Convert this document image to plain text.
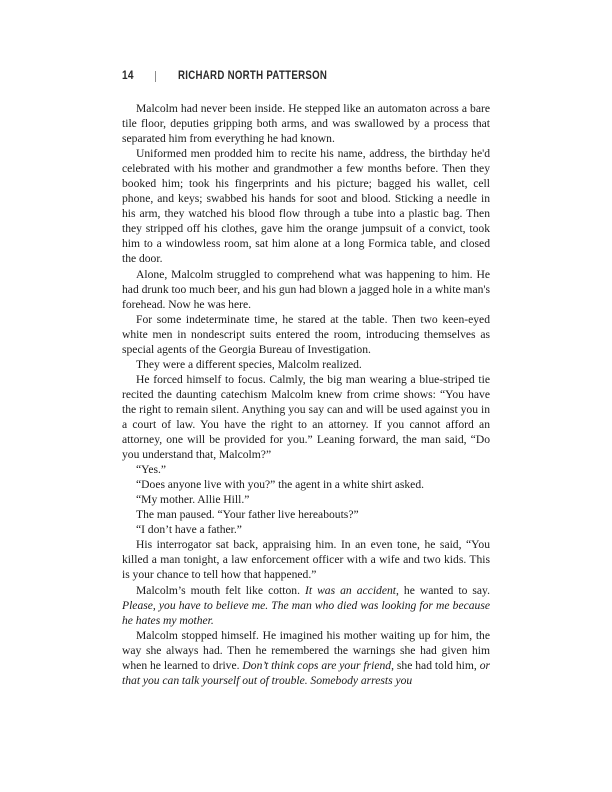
14	RICHARD NORTH PATTERSON

Malcolm had never been inside. He stepped like an automaton across a bare tile floor, deputies gripping both arms, and was swallowed by a process that separated him from everything he had known.

Uniformed men prodded him to recite his name, address, the birthday he'd celebrated with his mother and grandmother a few months before. Then they booked him; took his fingerprints and his picture; bagged his wallet, cell phone, and keys; swabbed his hands for soot and blood. Sticking a needle in his arm, they watched his blood flow through a tube into a plastic bag. Then they stripped off his clothes, gave him the orange jumpsuit of a convict, took him to a windowless room, sat him alone at a long Formica table, and closed the door.

Alone, Malcolm struggled to comprehend what was happening to him. He had drunk too much beer, and his gun had blown a jagged hole in a white man's forehead. Now he was here.

For some indeterminate time, he stared at the table. Then two keen-eyed white men in nondescript suits entered the room, introducing themselves as special agents of the Georgia Bureau of Investigation.

They were a different species, Malcolm realized.

He forced himself to focus. Calmly, the big man wearing a blue-striped tie recited the daunting catechism Malcolm knew from crime shows: “You have the right to remain silent. Anything you say can and will be used against you in a court of law. You have the right to an attorney. If you cannot afford an attorney, one will be provided for you.” Leaning forward, the man said, “Do you understand that, Malcolm?”

“Yes.”

“Does anyone live with you?” the agent in a white shirt asked.

“My mother. Allie Hill.”

The man paused. “Your father live hereabouts?”

“I don’t have a father.”

His interrogator sat back, appraising him. In an even tone, he said, “You killed a man tonight, a law enforcement officer with a wife and two kids. This is your chance to tell how that happened.”

Malcolm’s mouth felt like cotton. It was an accident, he wanted to say. Please, you have to believe me. The man who died was looking for me because he hates my mother.

Malcolm stopped himself. He imagined his mother waiting up for him, the way she always had. Then he remembered the warnings she had given him when he learned to drive. Don’t think cops are your friend, she had told him, or that you can talk yourself out of trouble. Somebody arrests you
